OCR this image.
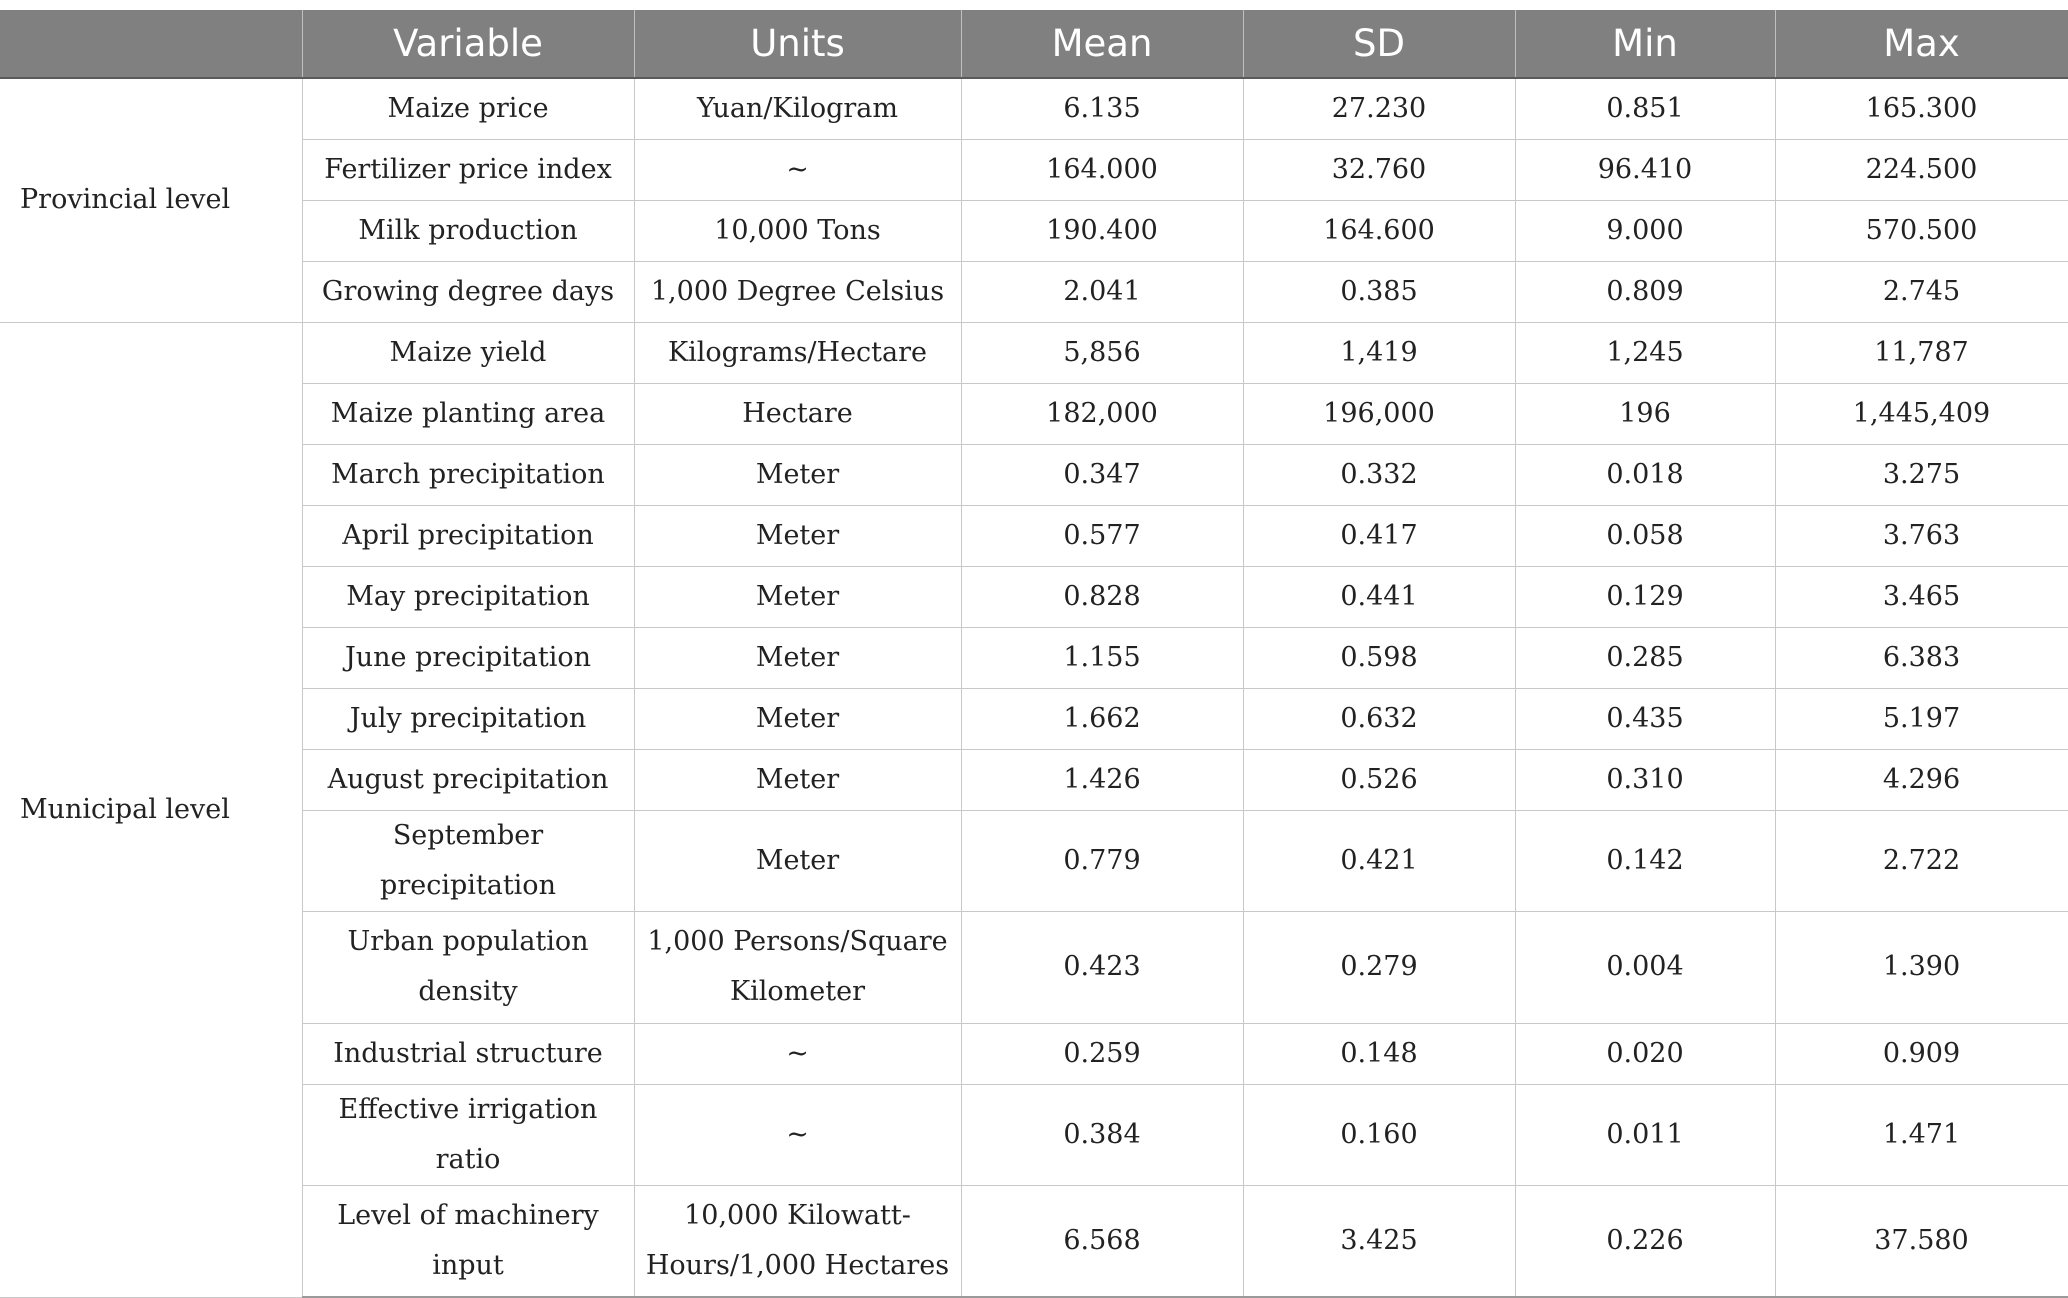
	Variable	Units	Mean	SD	Min	Max
Provincial level	Maize price	Yuan/Kilogram	6.135	27.230	0.851	165.300
	Fertilizer price index	~	164.000	32.760	96.410	224.500
	Milk production	10,000 Tons	190.400	164.600	9.000	570.500
	Growing degree days	1,000 Degree Celsius	2.041	0.385	0.809	2.745
Municipal level	Maize yield	Kilograms/Hectare	5,856	1,419	1,245	11,787
	Maize planting area	Hectare	182,000	196,000	196	1,445,409
	March precipitation	Meter	0.347	0.332	0.018	3.275
	April precipitation	Meter	0.577	0.417	0.058	3.763
	May precipitation	Meter	0.828	0.441	0.129	3.465
	June precipitation	Meter	1.155	0.598	0.285	6.383
	July precipitation	Meter	1.662	0.632	0.435	5.197
	August precipitation	Meter	1.426	0.526	0.310	4.296
	September precipitation	Meter	0.779	0.421	0.142	2.722
	Urban population density	1,000 Persons/Square Kilometer	0.423	0.279	0.004	1.390
	Industrial structure	~	0.259	0.148	0.020	0.909
	Effective irrigation ratio	~	0.384	0.160	0.011	1.471
	Level of machinery input	10,000 Kilowatt-Hours/1,000 Hectares	6.568	3.425	0.226	37.580
